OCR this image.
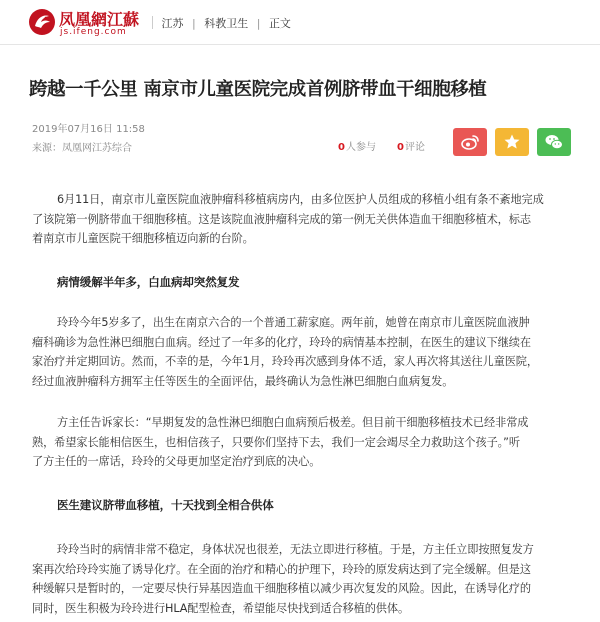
凤凰網江蘇
js.ifeng.com
江苏 | 科教卫生 | 正文
跨越一千公里 南京市儿童医院完成首例脐带血干细胞移植
2019年07月16日 11:58
来源：凤凰网江苏综合	0人参与 0评论
6月11日，南京市儿童医院血液肿瘤科移植病房内，由多位医护人员组成的移植小组有条不紊地完成
了该院第一例脐带血干细胞移植。这是该院血液肿瘤科完成的第一例无关供体造血干细胞移植术，标志
着南京市儿童医院干细胞移植迈向新的台阶。
病情缓解半年多，白血病却突然复发
玲玲今年5岁多了，出生在南京六合的一个普通工薪家庭。两年前，她曾在南京市儿童医院血液肿
瘤科确诊为急性淋巴细胞白血病。经过了一年多的化疗，玲玲的病情基本控制，在医生的建议下继续在
家治疗并定期回访。然而，不幸的是，今年1月，玲玲再次感到身体不适，家人再次将其送往儿童医院，
经过血液肿瘤科方拥军主任等医生的全面评估，最终确认为急性淋巴细胞白血病复发。
方主任告诉家长：“早期复发的急性淋巴细胞白血病预后极差。但目前干细胞移植技术已经非常成
熟，希望家长能相信医生，也相信孩子，只要你们坚持下去，我们一定会竭尽全力救助这个孩子。”听
了方主任的一席话，玲玲的父母更加坚定治疗到底的决心。
医生建议脐带血移植，十天找到全相合供体
玲玲当时的病情非常不稳定，身体状况也很差，无法立即进行移植。于是，方主任立即按照复发方
案再次给玲玲实施了诱导化疗。在全面的治疗和精心的护理下，玲玲的原发病达到了完全缓解。但是这
种缓解只是暂时的，一定要尽快行异基因造血干细胞移植以减少再次复发的风险。因此，在诱导化疗的
同时，医生积极为玲玲进行HLA配型检查，希望能尽快找到适合移植的供体。
